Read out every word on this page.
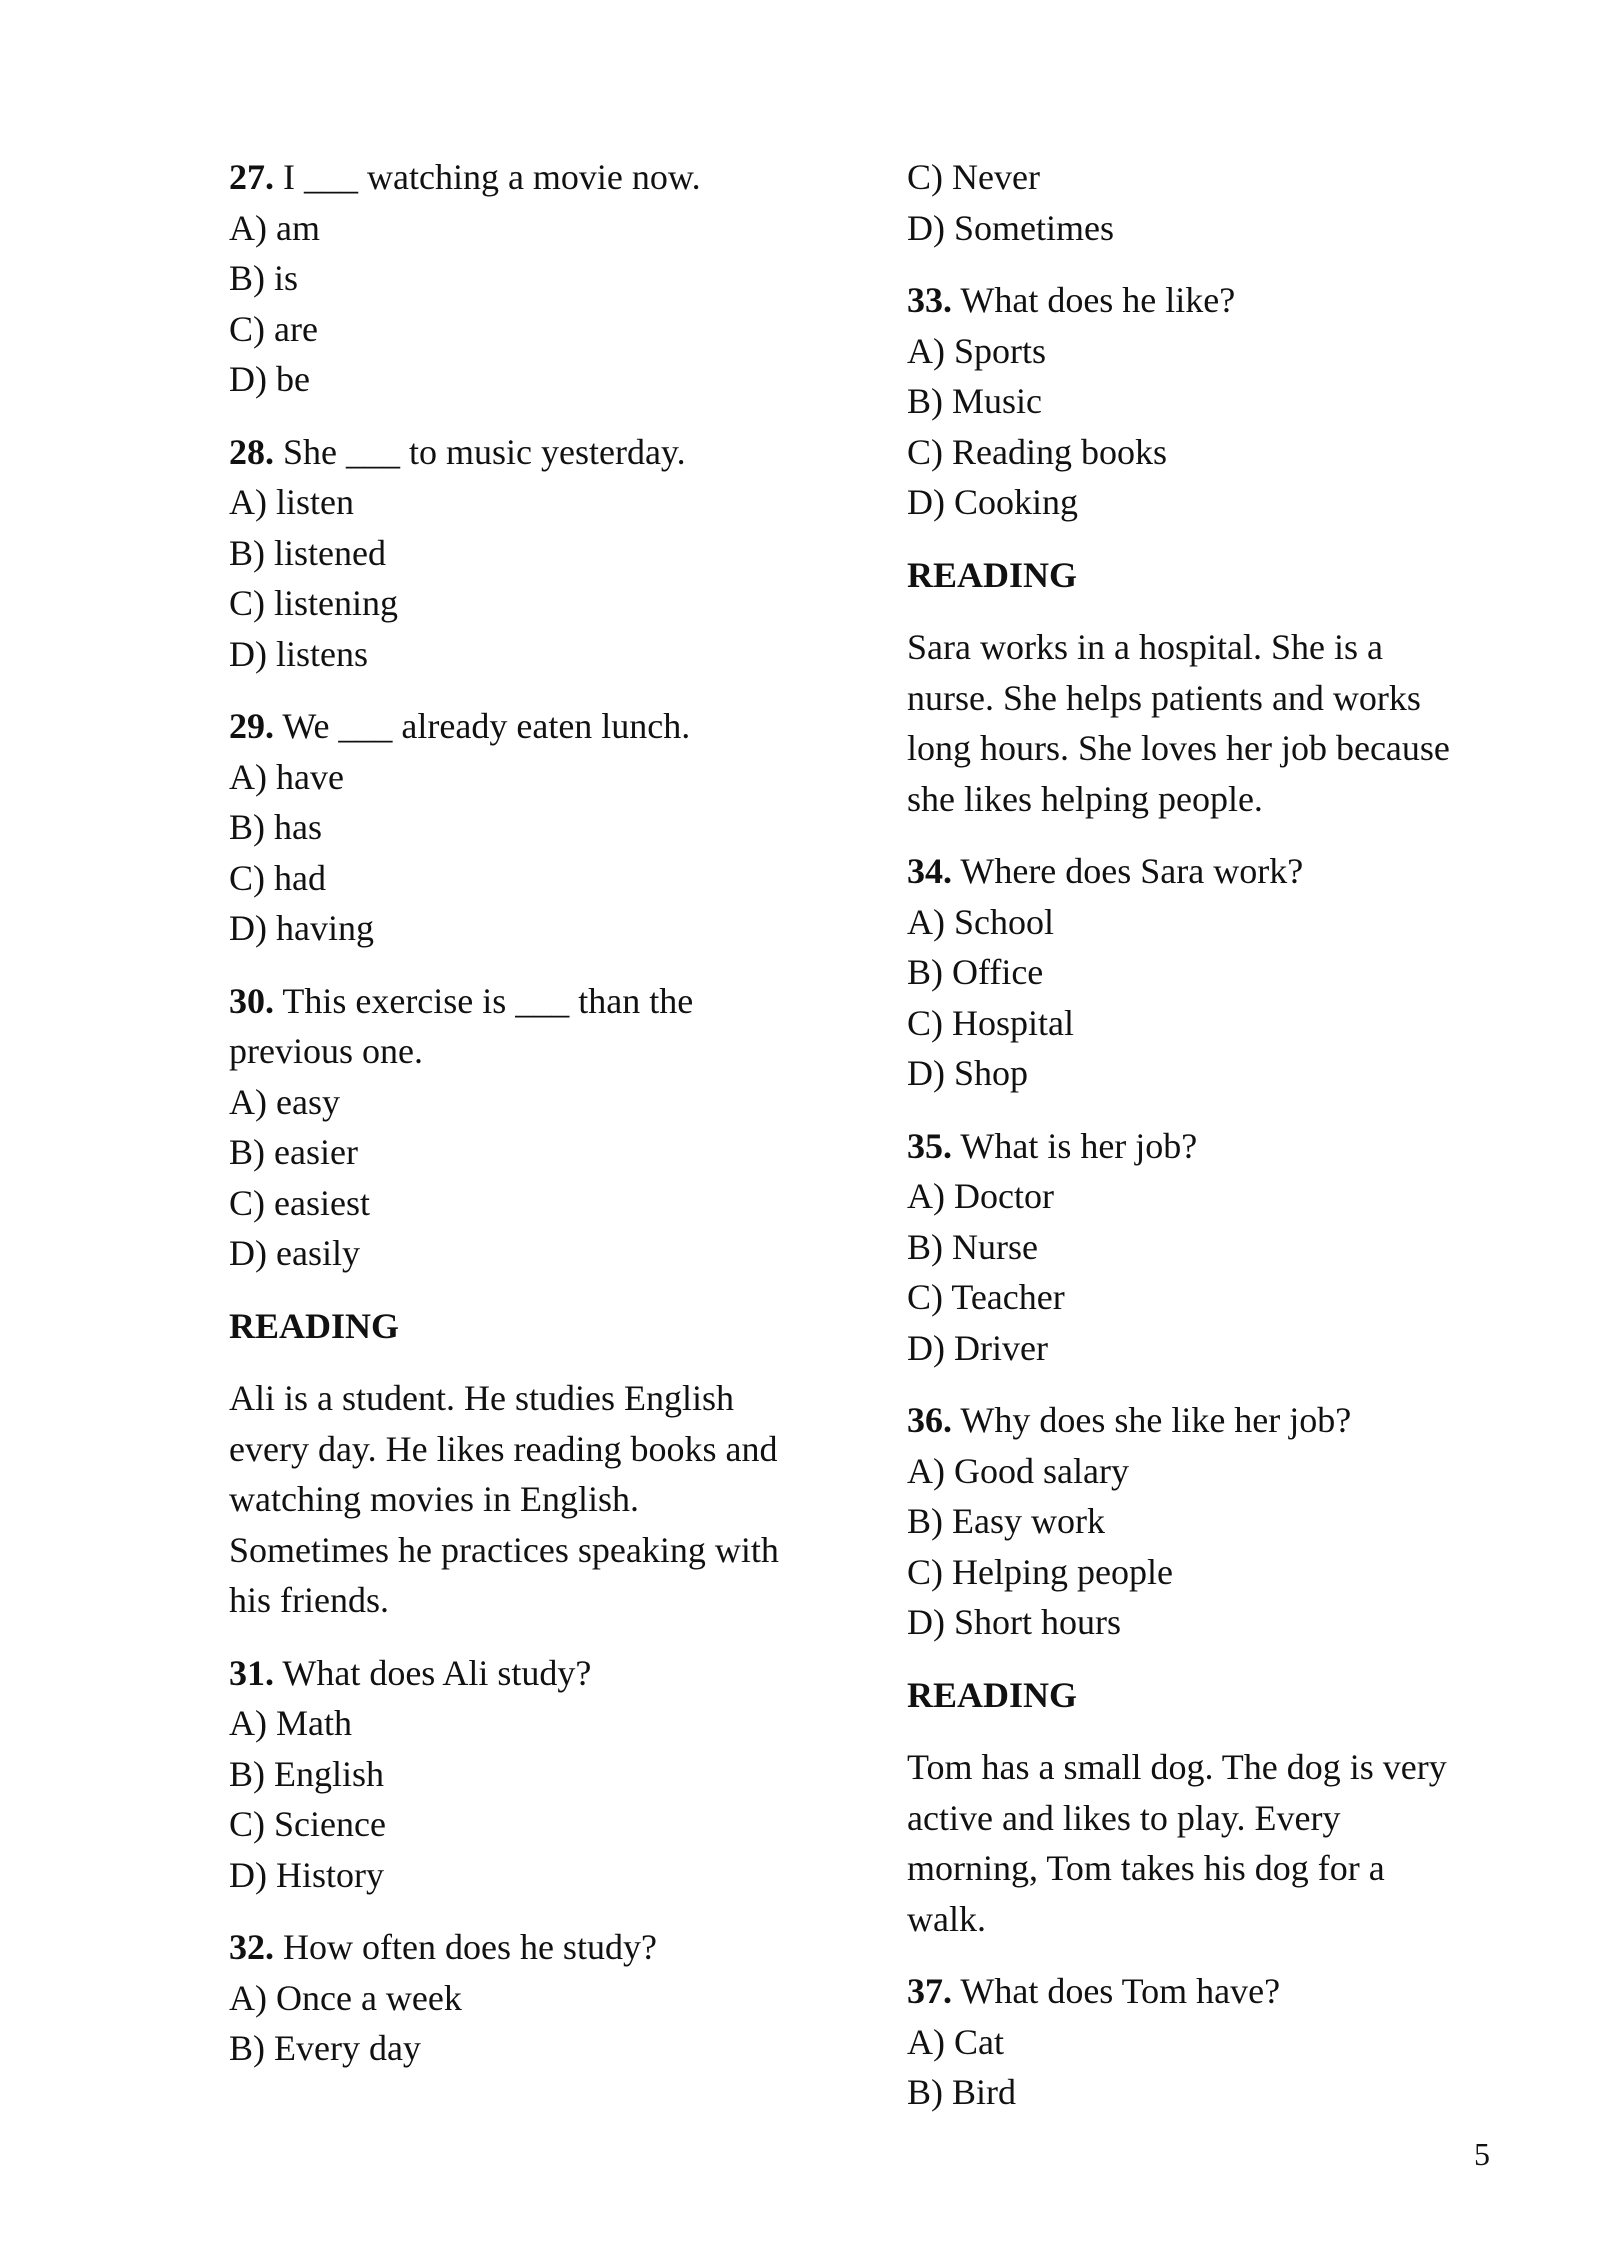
27. I ___ watching a movie now.
A) am
B) is
C) are
D) be
28. She ___ to music yesterday.
A) listen
B) listened
C) listening
D) listens
29. We ___ already eaten lunch.
A) have
B) has
C) had
D) having
30. This exercise is ___ than the
previous one.
A) easy
B) easier
C) easiest
D) easily
READING
Ali is a student. He studies English
every day. He likes reading books and
watching movies in English.
Sometimes he practices speaking with
his friends.
31. What does Ali study?
A) Math
B) English
C) Science
D) History
32. How often does he study?
A) Once a week
B) Every day
C) Never
D) Sometimes
33. What does he like?
A) Sports
B) Music
C) Reading books
D) Cooking
READING
Sara works in a hospital. She is a
nurse. She helps patients and works
long hours. She loves her job because
she likes helping people.
34. Where does Sara work?
A) School
B) Office
C) Hospital
D) Shop
35. What is her job?
A) Doctor
B) Nurse
C) Teacher
D) Driver
36. Why does she like her job?
A) Good salary
B) Easy work
C) Helping people
D) Short hours
READING
Tom has a small dog. The dog is very
active and likes to play. Every
morning, Tom takes his dog for a
walk.
37. What does Tom have?
A) Cat
B) Bird
5
